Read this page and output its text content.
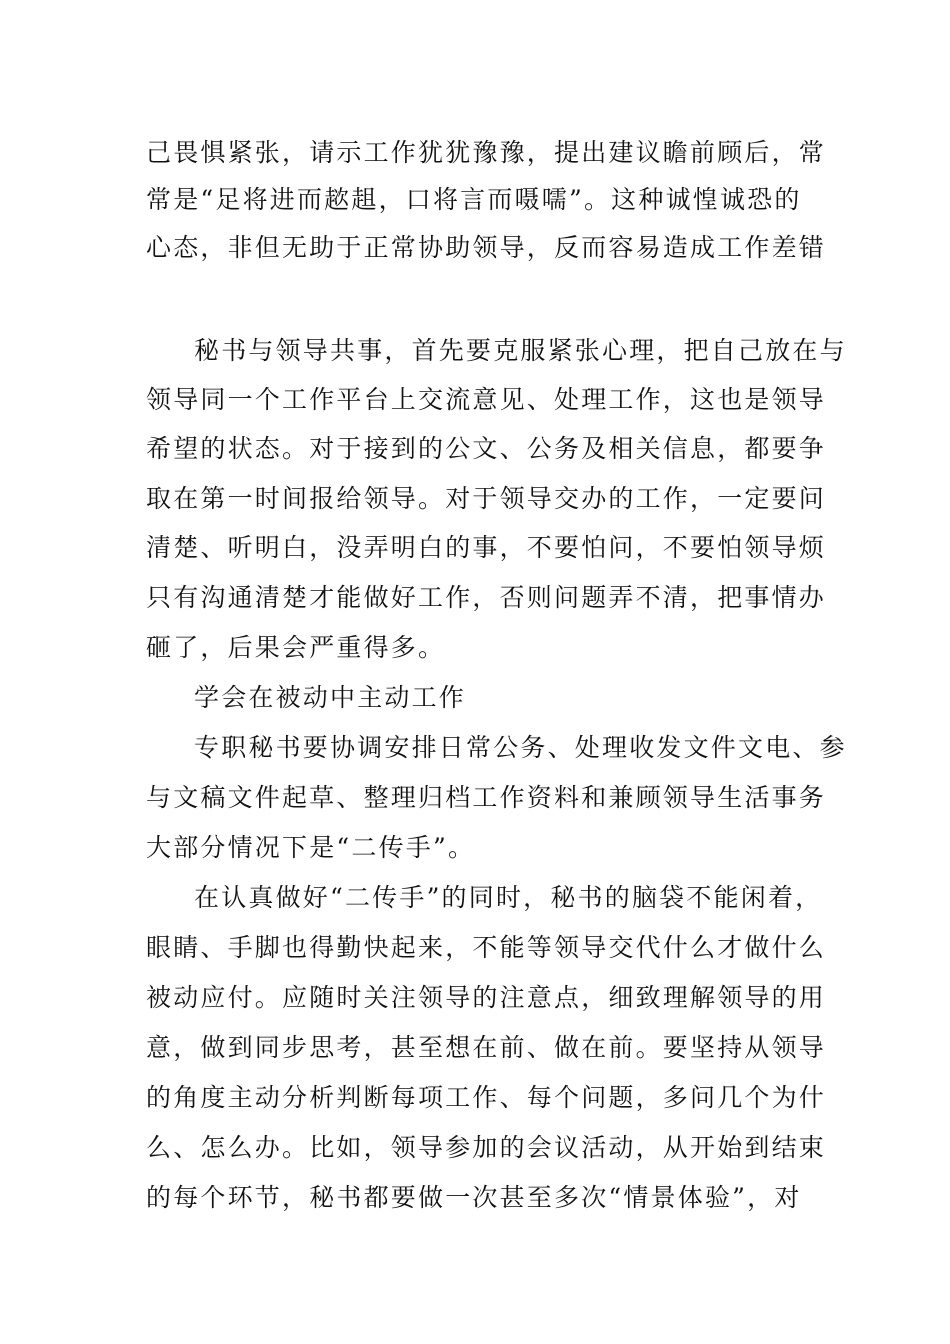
己畏惧紧张，请示工作犹犹豫豫，提出建议瞻前顾后，常
常是“足将进而趑趄，口将言而嗫嚅”。这种诚惶诚恐的
心态，非但无助于正常协助领导，反而容易造成工作差错
秘书与领导共事，首先要克服紧张心理，把自己放在与
领导同一个工作平台上交流意见、处理工作，这也是领导
希望的状态。对于接到的公文、公务及相关信息，都要争
取在第一时间报给领导。对于领导交办的工作，一定要问
清楚、听明白，没弄明白的事，不要怕问，不要怕领导烦
只有沟通清楚才能做好工作，否则问题弄不清，把事情办
砸了，后果会严重得多。
学会在被动中主动工作
专职秘书要协调安排日常公务、处理收发文件文电、参
与文稿文件起草、整理归档工作资料和兼顾领导生活事务
大部分情况下是“二传手”。
在认真做好“二传手”的同时，秘书的脑袋不能闲着，
眼睛、手脚也得勤快起来，不能等领导交代什么才做什么
被动应付。应随时关注领导的注意点，细致理解领导的用
意，做到同步思考，甚至想在前、做在前。要坚持从领导
的角度主动分析判断每项工作、每个问题，多问几个为什
么、怎么办。比如，领导参加的会议活动，从开始到结束
的每个环节，秘书都要做一次甚至多次“情景体验”，对
